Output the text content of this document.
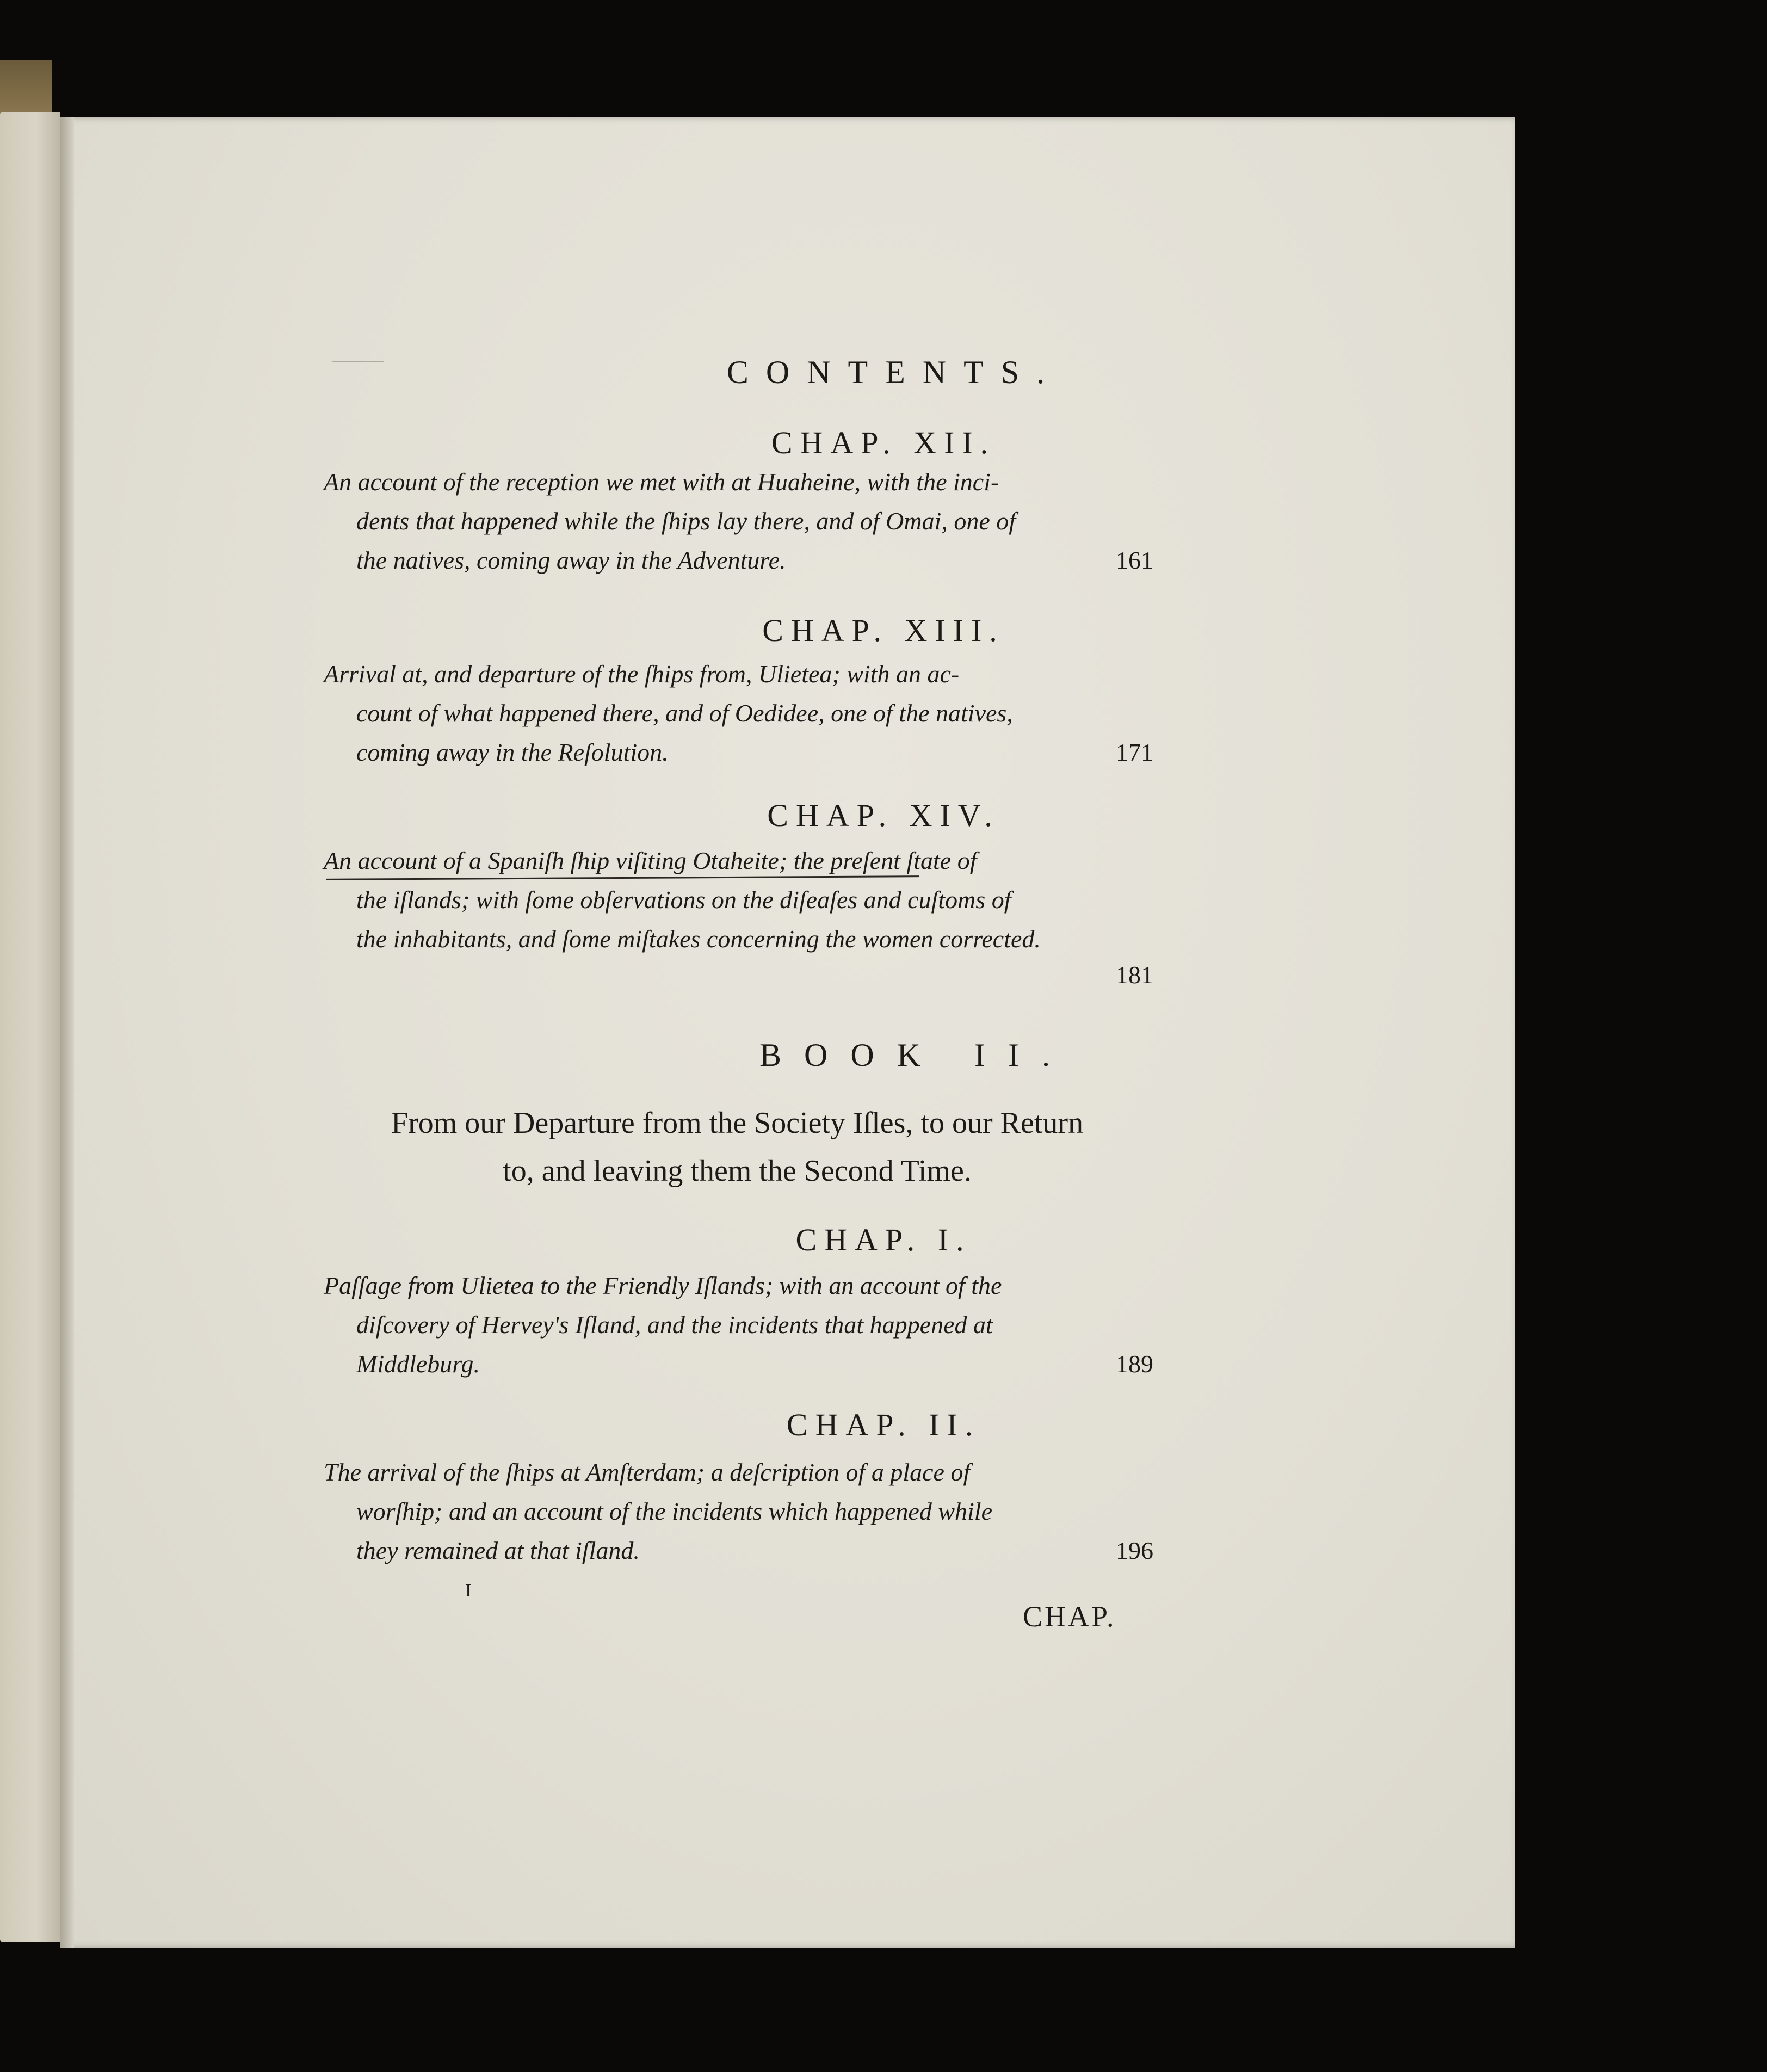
CONTENTS.
CHAP. XII.
An account of the reception we met with at Huaheine, with the inci-
dents that happened while the ſhips lay there, and of Omai, one of
the natives, coming away in the Adventure.	161
CHAP. XIII.
Arrival at, and departure of the ſhips from, Ulietea; with an ac-
count of what happened there, and of Oedidee, one of the natives,
coming away in the Reſolution.	171
CHAP. XIV.
An account of a Spaniſh ſhip viſiting Otaheite; the preſent ſtate of
the iſlands; with ſome obſervations on the diſeaſes and cuſtoms of
the inhabitants, and ſome miſtakes concerning the women corrected.
181
BOOK II.
From our Departure from the Society Iſles, to our Return
to, and leaving them the Second Time.
CHAP. I.
Paſſage from Ulietea to the Friendly Iſlands; with an account of the
diſcovery of Hervey's Iſland, and the incidents that happened at
Middleburg.	189
CHAP. II.
The arrival of the ſhips at Amſterdam; a deſcription of a place of
worſhip; and an account of the incidents which happened while
they remained at that iſland.	196
I
CHAP.
